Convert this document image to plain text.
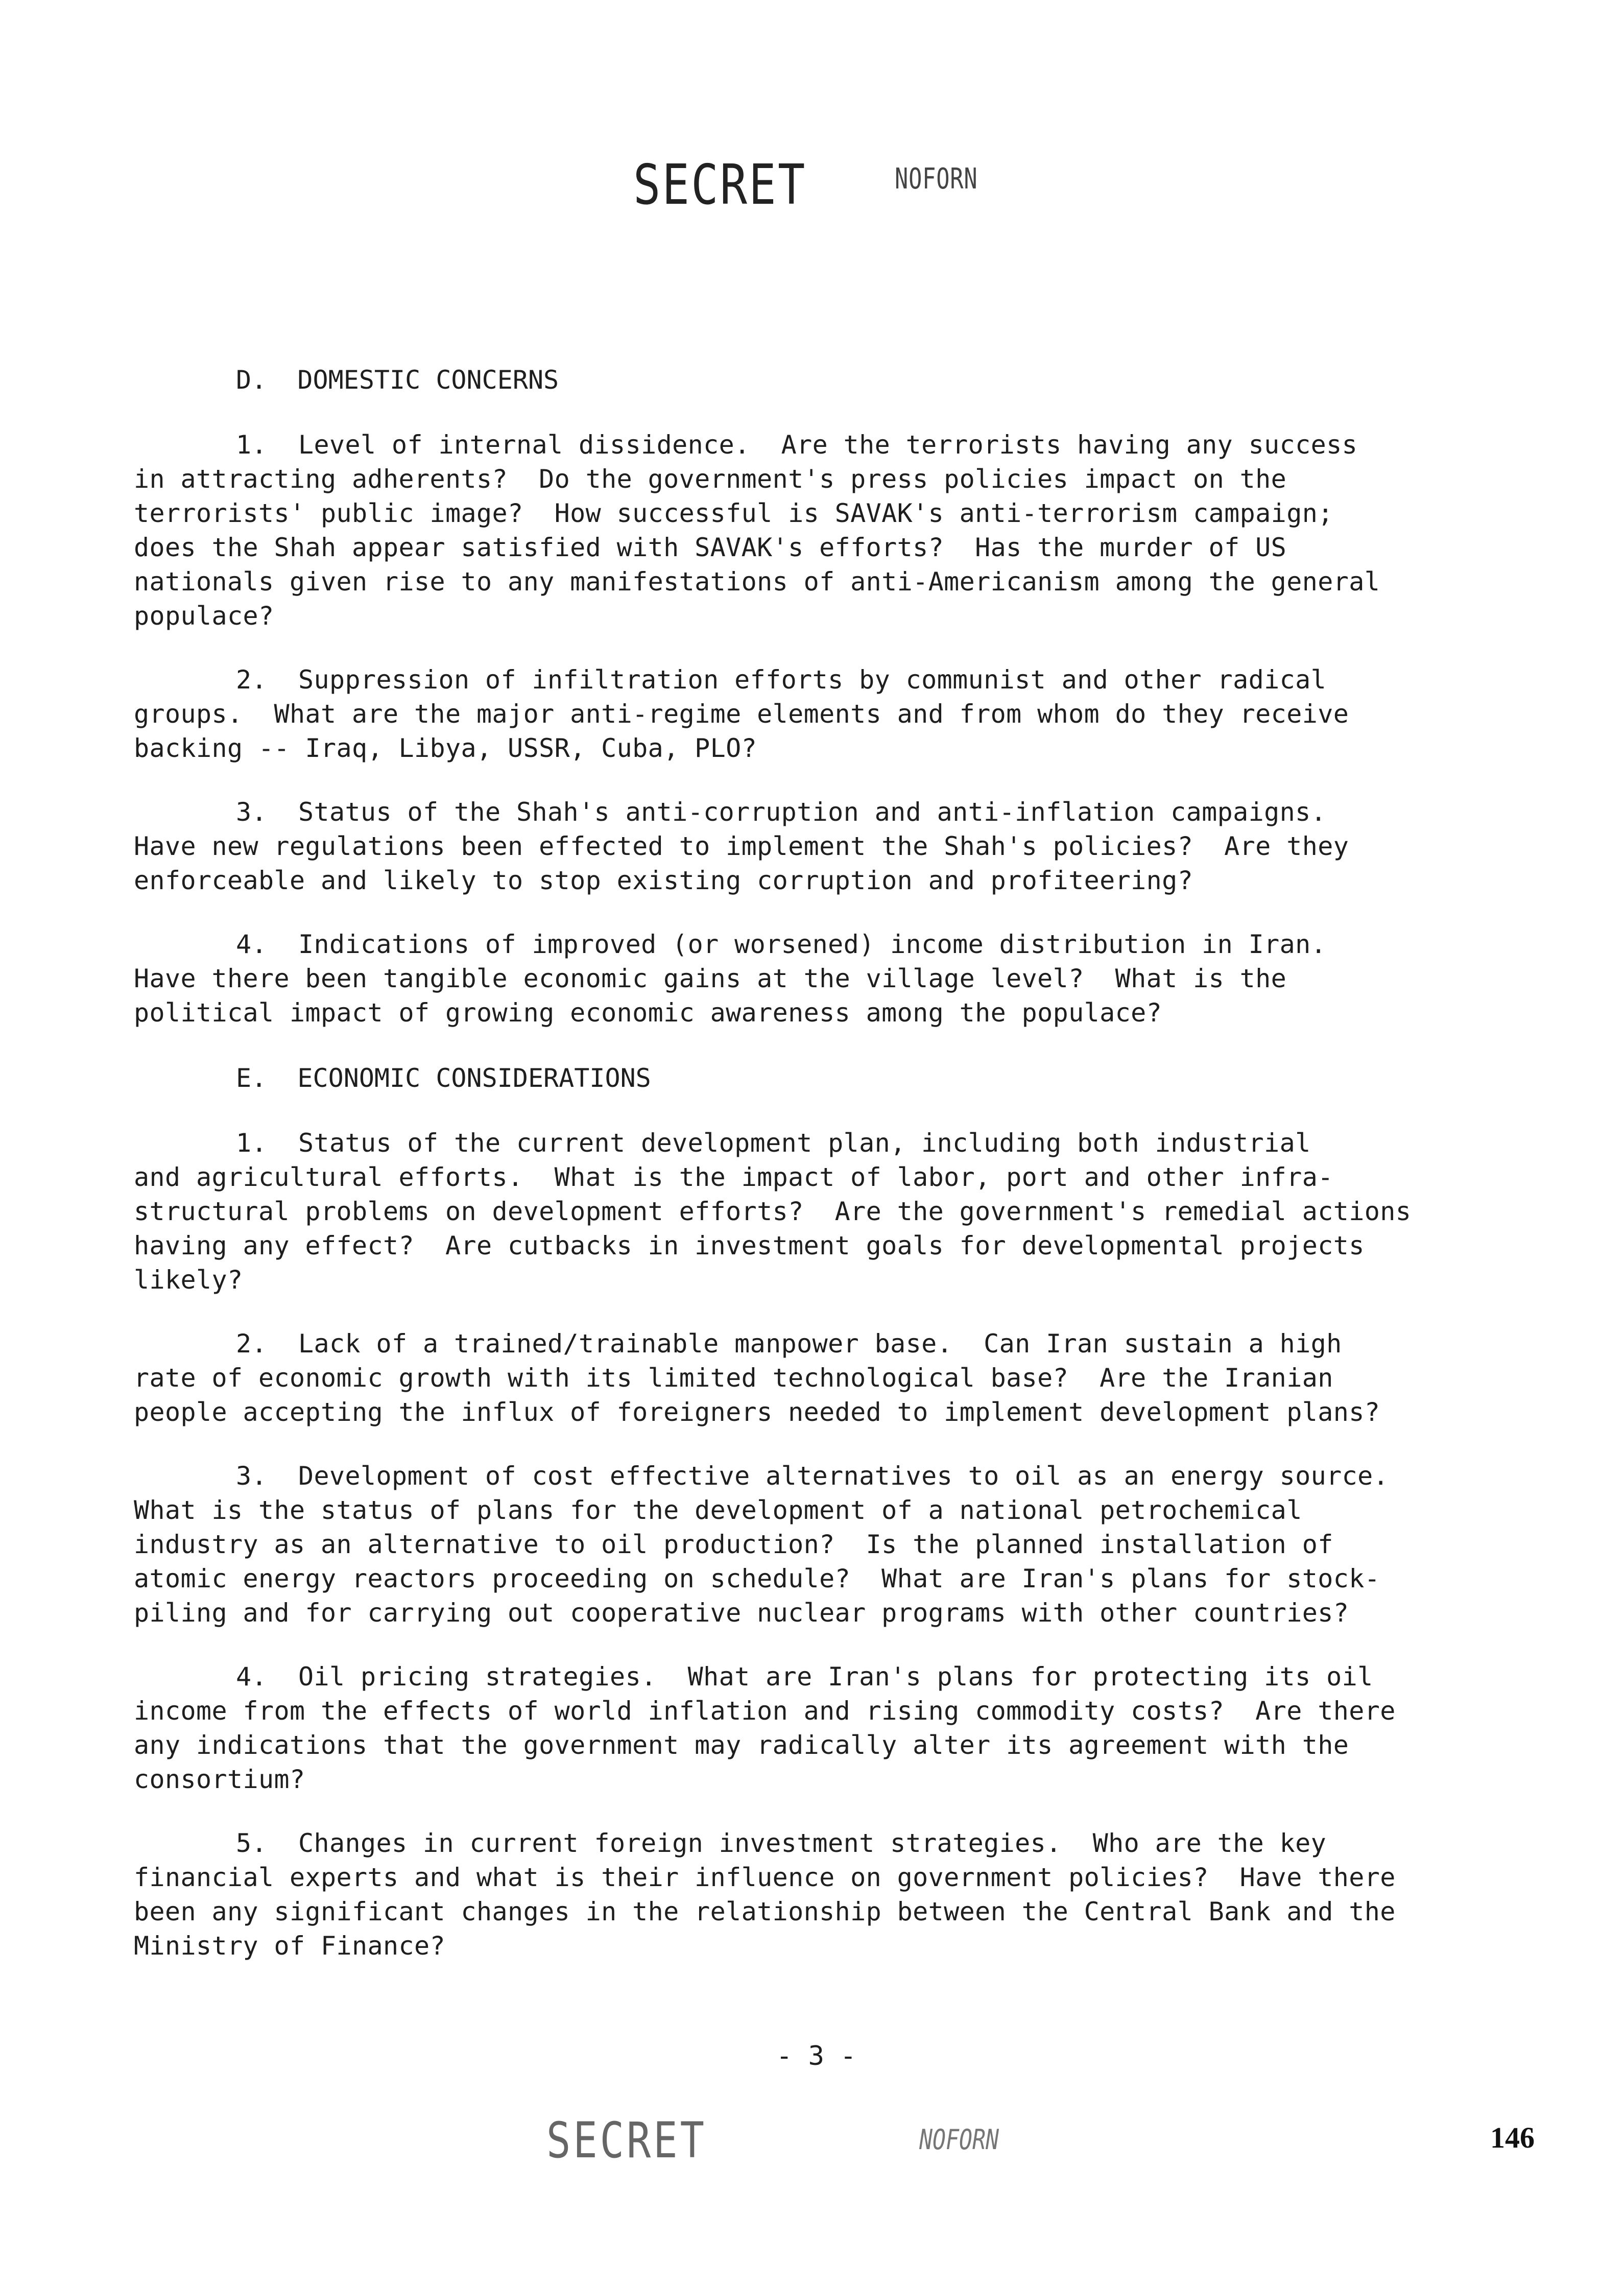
SECRET	NOFORN
D.  DOMESTIC CONCERNS
1.  Level of internal dissidence.  Are the terrorists having any success
in attracting adherents?  Do the government's press policies impact on the
terrorists' public image?  How successful is SAVAK's anti-terrorism campaign;
does the Shah appear satisfied with SAVAK's efforts?  Has the murder of US
nationals given rise to any manifestations of anti-Americanism among the general
populace?
2.  Suppression of infiltration efforts by communist and other radical
groups.  What are the major anti-regime elements and from whom do they receive
backing -- Iraq, Libya, USSR, Cuba, PLO?
3.  Status of the Shah's anti-corruption and anti-inflation campaigns.
Have new regulations been effected to implement the Shah's policies?  Are they
enforceable and likely to stop existing corruption and profiteering?
4.  Indications of improved (or worsened) income distribution in Iran.
Have there been tangible economic gains at the village level?  What is the
political impact of growing economic awareness among the populace?
E.  ECONOMIC CONSIDERATIONS
1.  Status of the current development plan, including both industrial
and agricultural efforts.  What is the impact of labor, port and other infra-
structural problems on development efforts?  Are the government's remedial actions
having any effect?  Are cutbacks in investment goals for developmental projects
likely?
2.  Lack of a trained/trainable manpower base.  Can Iran sustain a high
rate of economic growth with its limited technological base?  Are the Iranian
people accepting the influx of foreigners needed to implement development plans?
3.  Development of cost effective alternatives to oil as an energy source.
What is the status of plans for the development of a national petrochemical
industry as an alternative to oil production?  Is the planned installation of
atomic energy reactors proceeding on schedule?  What are Iran's plans for stock-
piling and for carrying out cooperative nuclear programs with other countries?
4.  Oil pricing strategies.  What are Iran's plans for protecting its oil
income from the effects of world inflation and rising commodity costs?  Are there
any indications that the government may radically alter its agreement with the
consortium?
5.  Changes in current foreign investment strategies.  Who are the key
financial experts and what is their influence on government policies?  Have there
been any significant changes in the relationship between the Central Bank and the
Ministry of Finance?
- 3 -
SECRET	NOFORN	146
